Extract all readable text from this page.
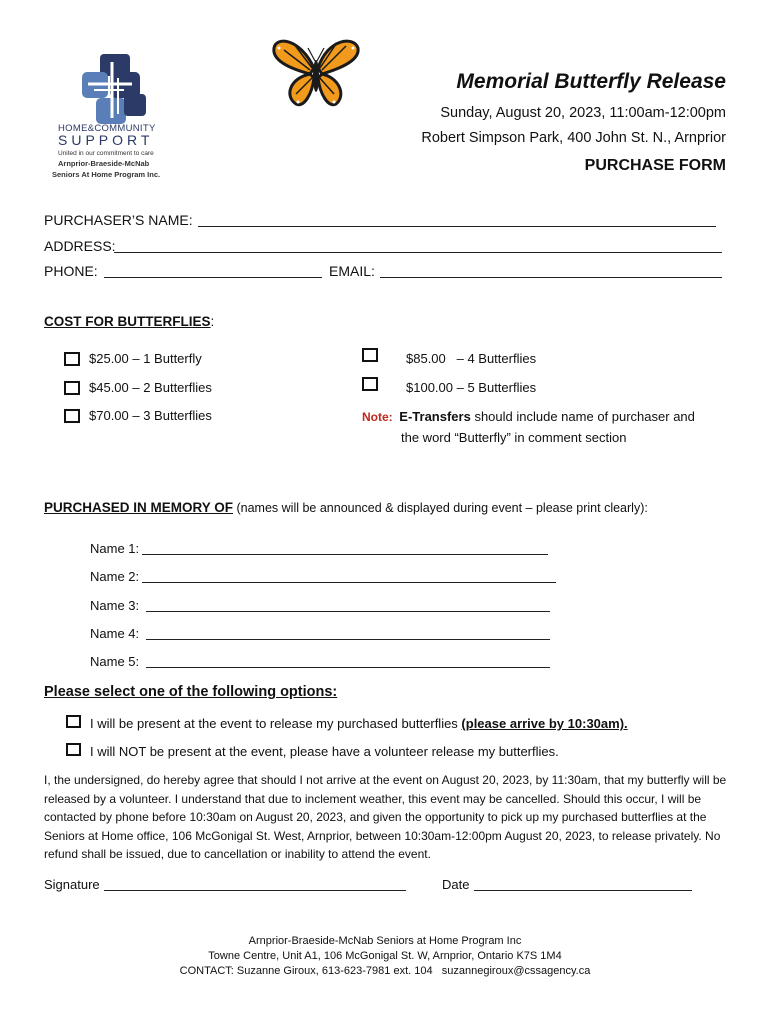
HOME&COMMUNITY
SUPPORT
United in our commitment to care
Arnprior-Braeside-McNab
Seniors At Home Program Inc.
Memorial Butterfly Release
Sunday, August 20, 2023, 11:00am-12:00pm
Robert Simpson Park, 400 John St. N., Arnprior
PURCHASE FORM
PURCHASER’S NAME:
ADDRESS:
PHONE:	EMAIL:
COST FOR BUTTERFLIES:
$25.00 – 1 Butterfly
$45.00 – 2 Butterflies
$70.00 – 3 Butterflies
$85.00   – 4 Butterflies
$100.00 – 5 Butterflies
Note: E-Transfers should include name of purchaser and
the word “Butterfly” in comment section
PURCHASED IN MEMORY OF (names will be announced & displayed during event – please print clearly):
Name 1:
Name 2:
Name 3:
Name 4:
Name 5:
Please select one of the following options:
I will be present at the event to release my purchased butterflies (please arrive by 10:30am).
I will NOT be present at the event, please have a volunteer release my butterflies.
I, the undersigned, do hereby agree that should I not arrive at the event on August 20, 2023, by 11:30am, that my butterfly will be released by a volunteer. I understand that due to inclement weather, this event may be cancelled. Should this occur, I will be contacted by phone before 10:30am on August 20, 2023, and given the opportunity to pick up my purchased butterflies at the Seniors at Home office, 106 McGonigal St. West, Arnprior, between 10:30am-12:00pm August 20, 2023, to release privately. No refund shall be issued, due to cancellation or inability to attend the event.
Signature	Date
Arnprior-Braeside-McNab Seniors at Home Program Inc
Towne Centre, Unit A1, 106 McGonigal St. W, Arnprior, Ontario K7S 1M4
CONTACT: Suzanne Giroux, 613-623-7981 ext. 104   suzannegiroux@cssagency.ca
